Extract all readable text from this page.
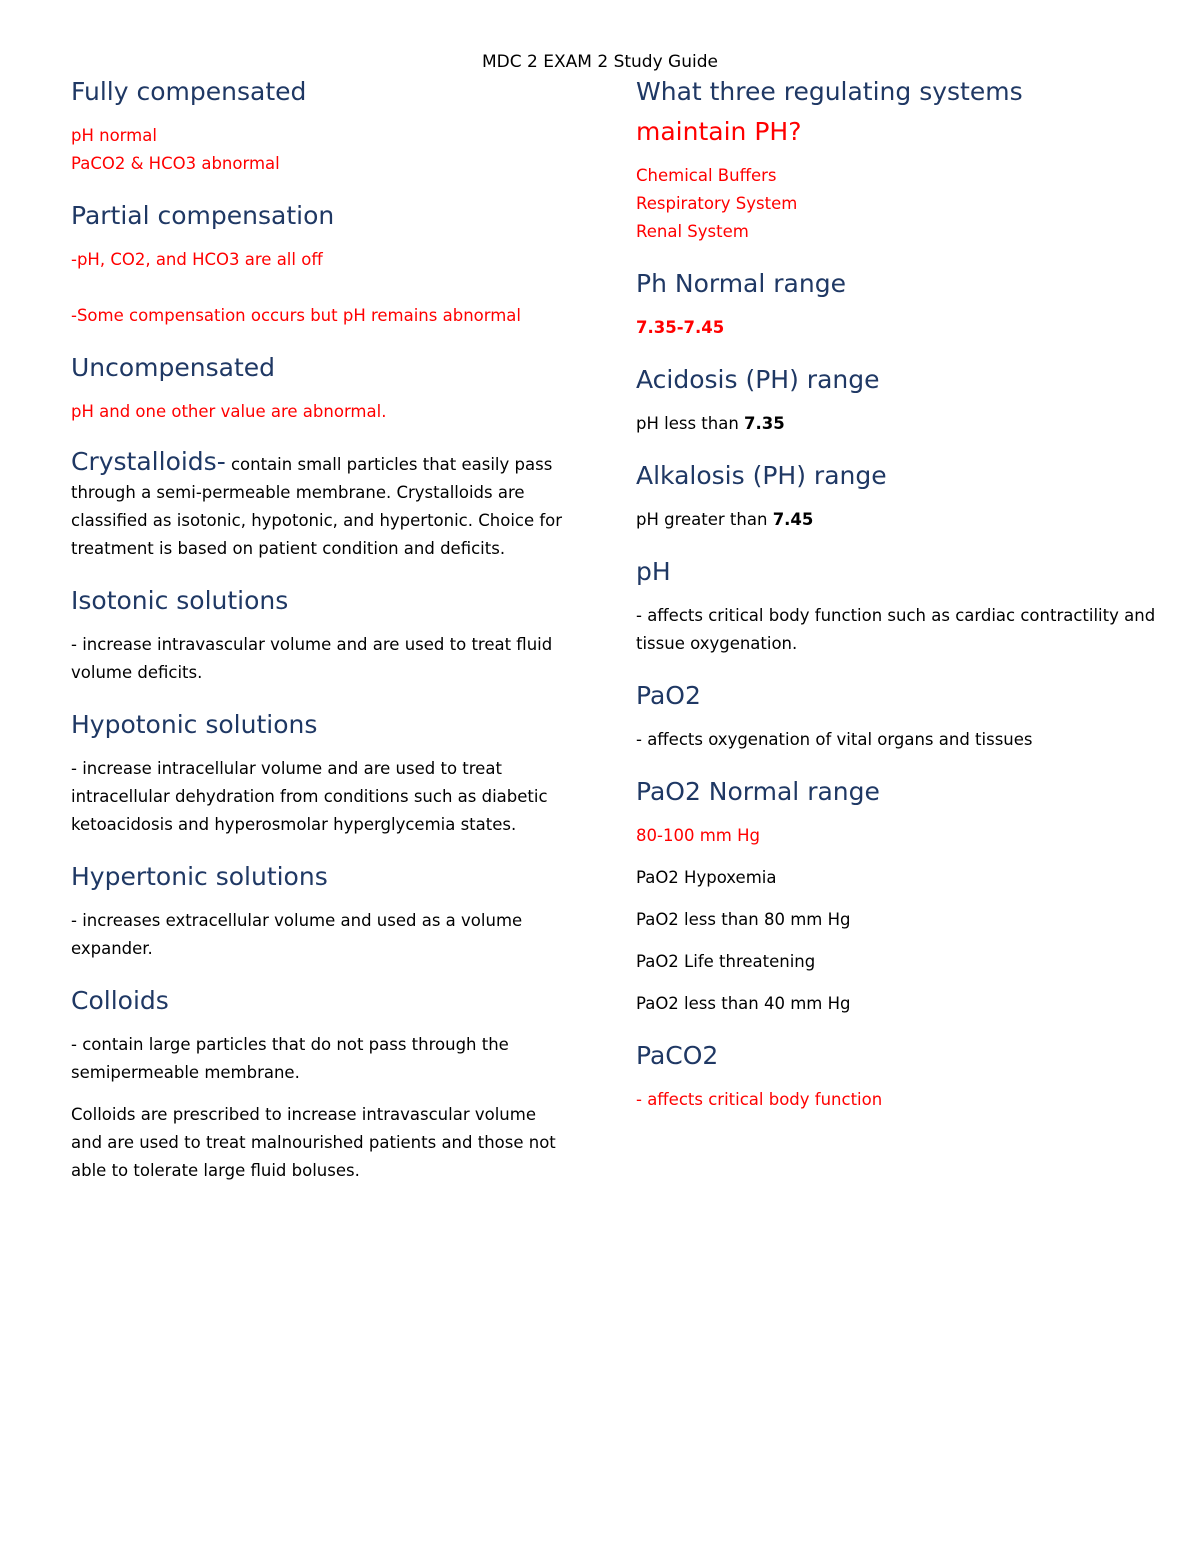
MDC 2 EXAM 2 Study Guide
Fully compensated
pH normal
PaCO2 & HCO3 abnormal
Partial compensation
-pH, CO2, and HCO3 are all off
-Some compensation occurs but pH remains abnormal
Uncompensated
pH and one other value are abnormal.
Crystalloids- contain small particles that easily pass through a semi-permeable membrane. Crystalloids are classified as isotonic, hypotonic, and hypertonic. Choice for treatment is based on patient condition and deficits.
Isotonic solutions
- increase intravascular volume and are used to treat fluid volume deficits.
Hypotonic solutions
- increase intracellular volume and are used to treat intracellular dehydration from conditions such as diabetic ketoacidosis and hyperosmolar hyperglycemia states.
Hypertonic solutions
- increases extracellular volume and used as a volume expander.
Colloids
- contain large particles that do not pass through the semipermeable membrane.
Colloids are prescribed to increase intravascular volume and are used to treat malnourished patients and those not able to tolerate large fluid boluses.
What three regulating systems
maintain PH?
Chemical Buffers
Respiratory System
Renal System
Ph Normal range
7.35-7.45
Acidosis (PH) range
pH less than 7.35
Alkalosis (PH) range
pH greater than 7.45
pH
- affects critical body function such as cardiac contractility and tissue oxygenation.
PaO2
- affects oxygenation of vital organs and tissues
PaO2 Normal range
80-100 mm Hg
PaO2 Hypoxemia
PaO2 less than 80 mm Hg
PaO2 Life threatening
PaO2 less than 40 mm Hg
PaCO2
- affects critical body function
